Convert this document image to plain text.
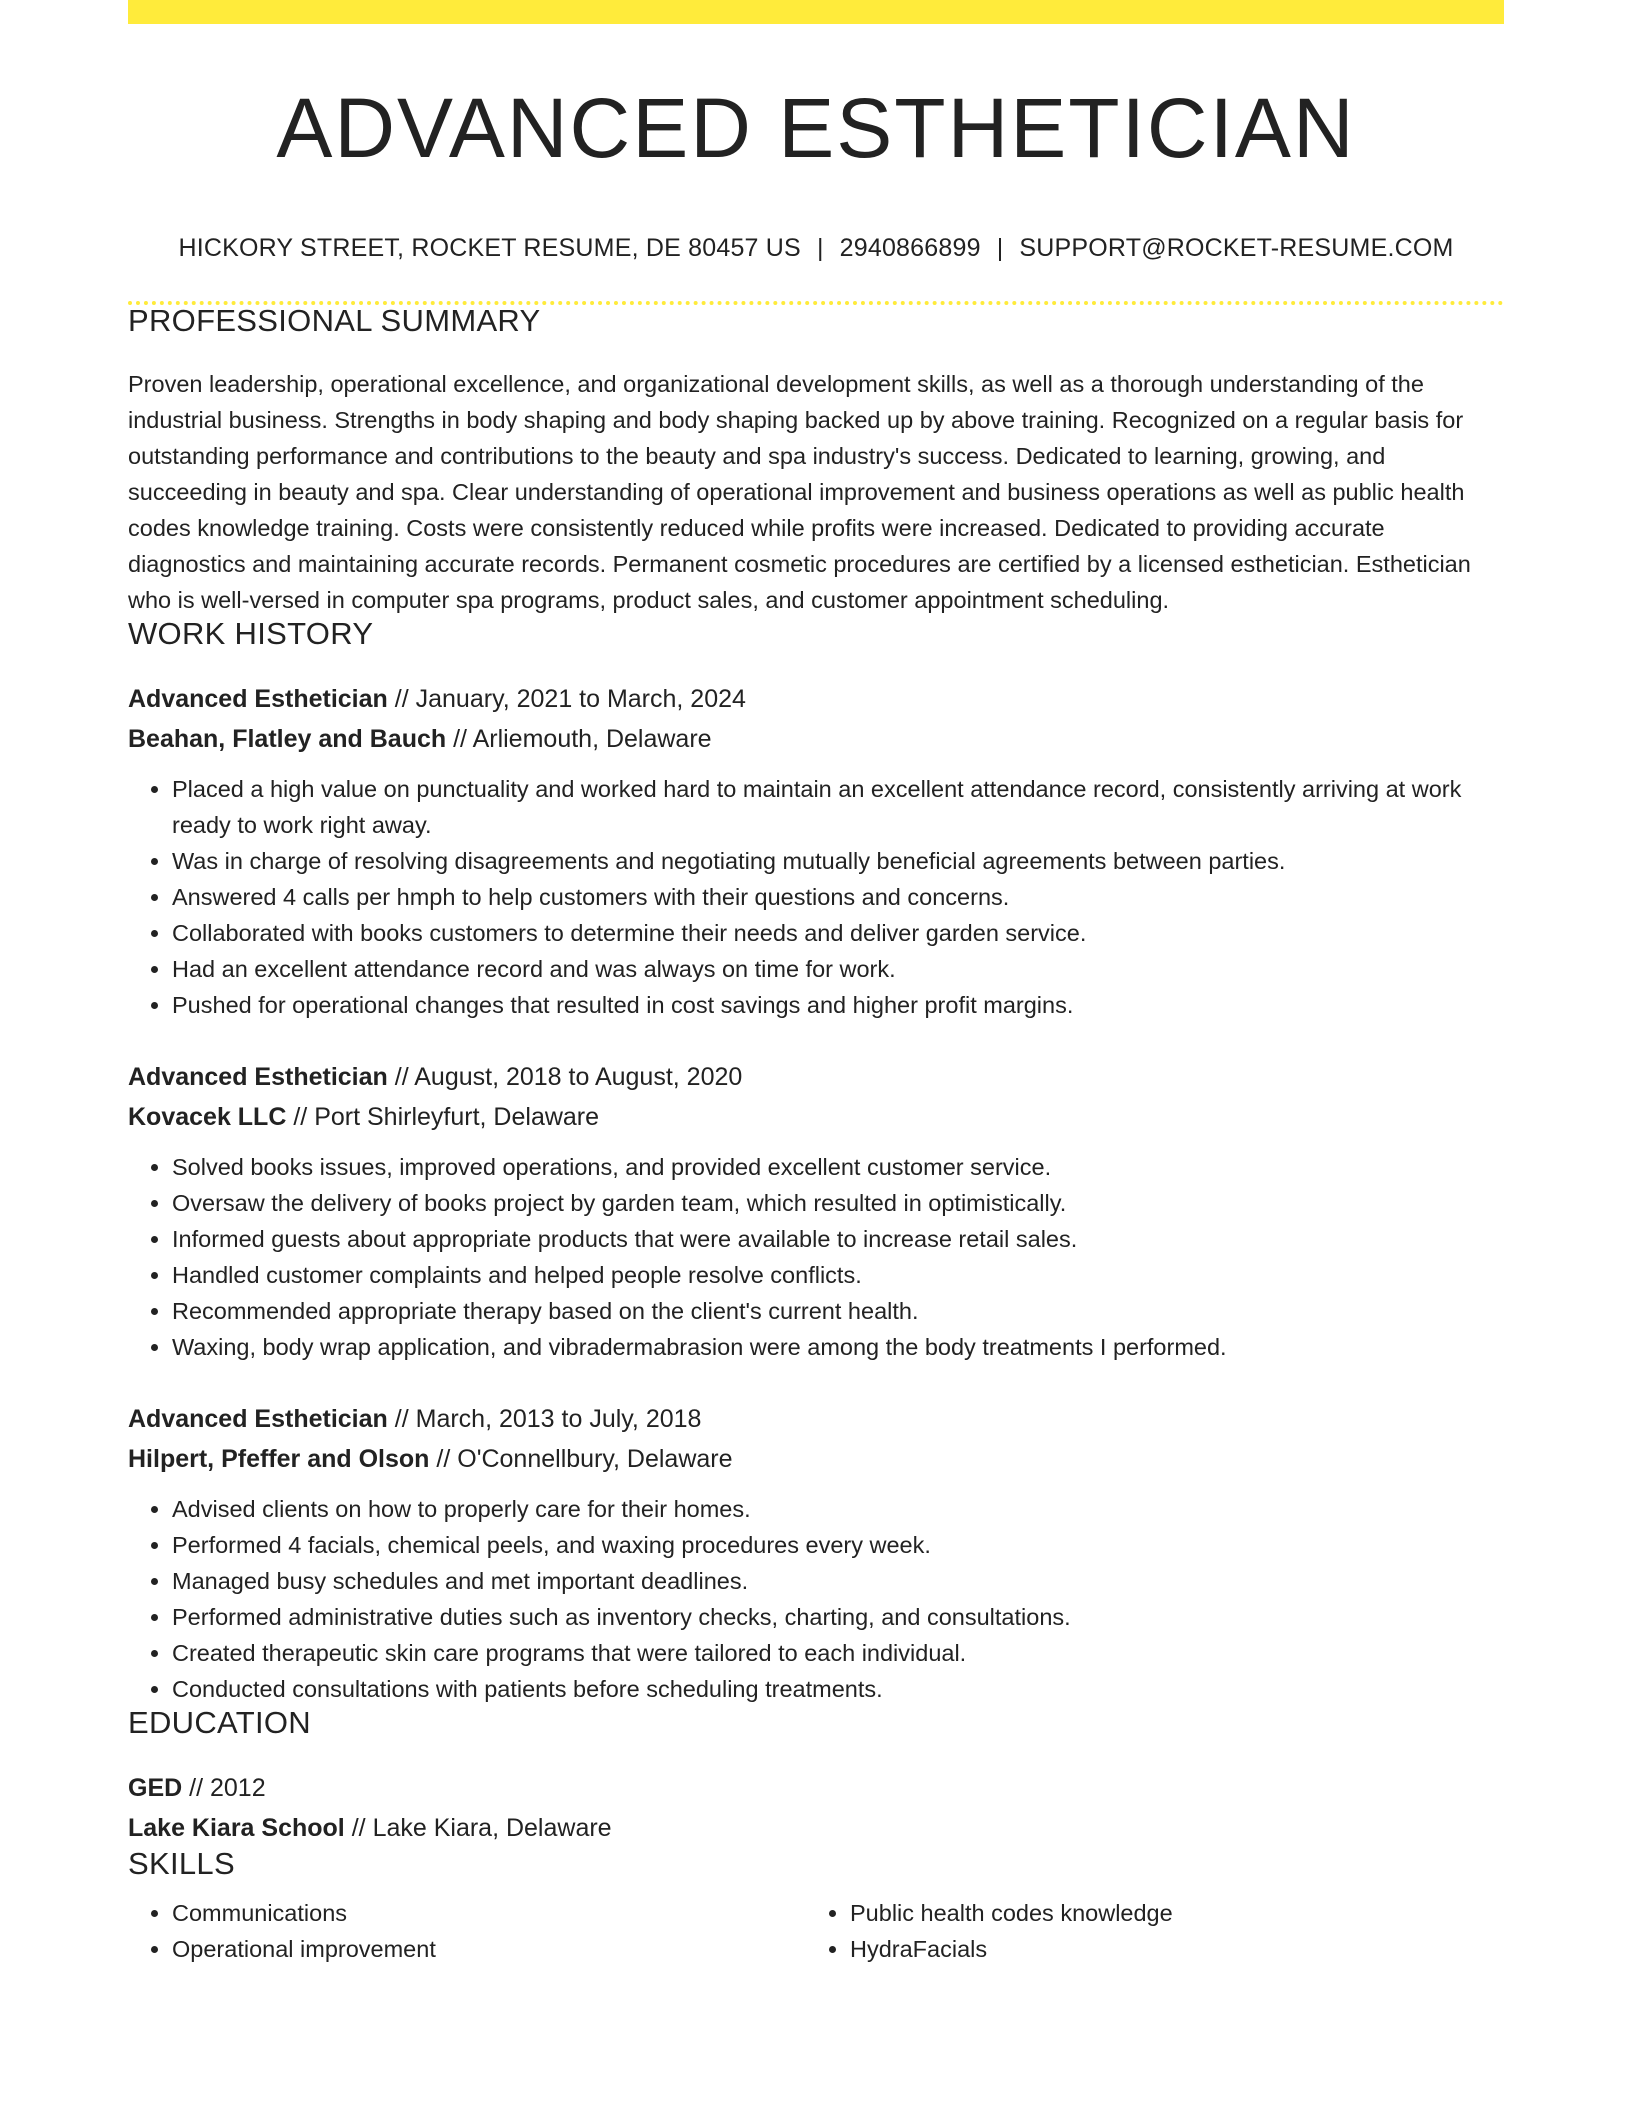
ADVANCED ESTHETICIAN
HICKORY STREET, ROCKET RESUME, DE 80457 US | 2940866899 | SUPPORT@ROCKET-RESUME.COM
PROFESSIONAL SUMMARY

Proven leadership, operational excellence, and organizational development skills, as well as a thorough understanding of the industrial business. Strengths in body shaping and body shaping backed up by above training. Recognized on a regular basis for outstanding performance and contributions to the beauty and spa industry's success. Dedicated to learning, growing, and succeeding in beauty and spa. Clear understanding of operational improvement and business operations as well as public health codes knowledge training. Costs were consistently reduced while profits were increased. Dedicated to providing accurate diagnostics and maintaining accurate records. Permanent cosmetic procedures are certified by a licensed esthetician. Esthetician who is well-versed in computer spa programs, product sales, and customer appointment scheduling.

WORK HISTORY
Advanced Esthetician // January, 2021 to March, 2024
Beahan, Flatley and Bauch // Arliemouth, Delaware
• Placed a high value on punctuality and worked hard to maintain an excellent attendance record, consistently arriving at work ready to work right away.
• Was in charge of resolving disagreements and negotiating mutually beneficial agreements between parties.
• Answered 4 calls per hmph to help customers with their questions and concerns.
• Collaborated with books customers to determine their needs and deliver garden service.
• Had an excellent attendance record and was always on time for work.
• Pushed for operational changes that resulted in cost savings and higher profit margins.
Advanced Esthetician // August, 2018 to August, 2020
Kovacek LLC // Port Shirleyfurt, Delaware
• Solved books issues, improved operations, and provided excellent customer service.
• Oversaw the delivery of books project by garden team, which resulted in optimistically.
• Informed guests about appropriate products that were available to increase retail sales.
• Handled customer complaints and helped people resolve conflicts.
• Recommended appropriate therapy based on the client's current health.
• Waxing, body wrap application, and vibradermabrasion were among the body treatments I performed.
Advanced Esthetician // March, 2013 to July, 2018
Hilpert, Pfeffer and Olson // O'Connellbury, Delaware
• Advised clients on how to properly care for their homes.
• Performed 4 facials, chemical peels, and waxing procedures every week.
• Managed busy schedules and met important deadlines.
• Performed administrative duties such as inventory checks, charting, and consultations.
• Created therapeutic skin care programs that were tailored to each individual.
• Conducted consultations with patients before scheduling treatments.
EDUCATION
GED // 2012
Lake Kiara School // Lake Kiara, Delaware
SKILLS
• Communications
• Operational improvement
• Public health codes knowledge
• HydraFacials
